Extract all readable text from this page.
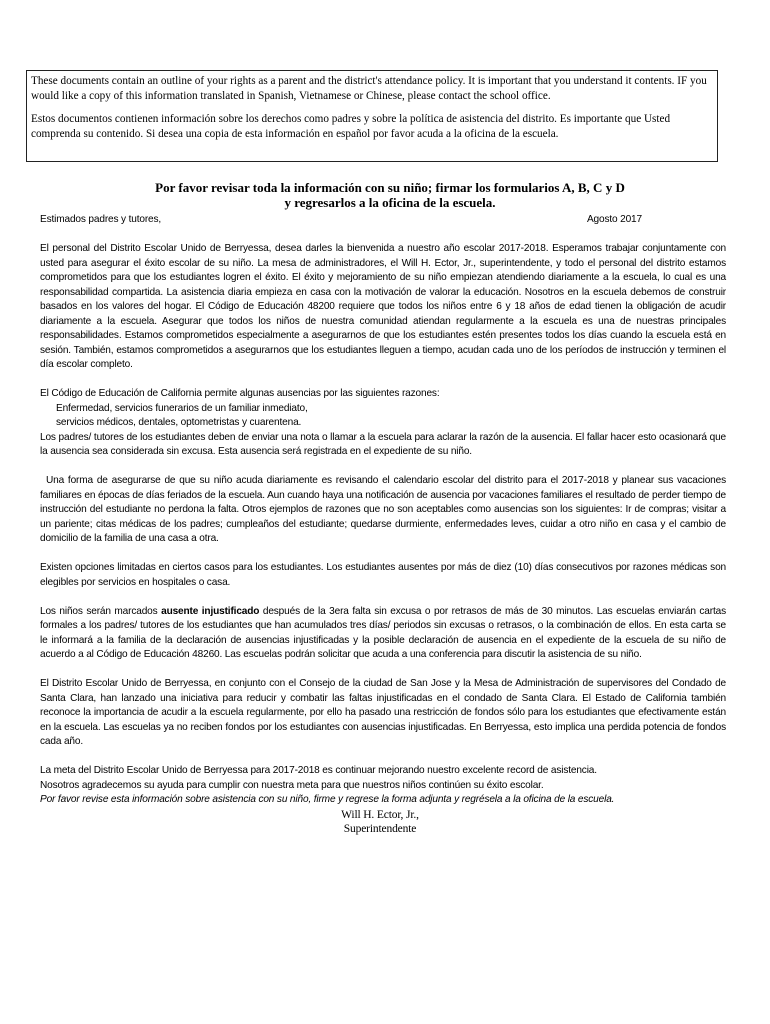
These documents contain an outline of your rights as a parent and the district's attendance policy. It is important that you understand it contents. IF you would like a copy of this information translated in Spanish, Vietnamese or Chinese, please contact the school office.

Estos documentos contienen información sobre los derechos como padres y sobre la política de asistencia del distrito. Es importante que Usted comprenda su contenido. Si desea una copia de esta información en español por favor acuda a la oficina de la escuela.

Por favor revisar toda la información con su niño; firmar los formularios A, B, C y D
y regresarlos a la oficina de la escuela.
Estimados padres y tutores,	Agosto 2017

El personal del Distrito Escolar Unido de Berryessa, desea darles la bienvenida a nuestro año escolar 2017-2018. Esperamos trabajar conjuntamente con usted para asegurar el éxito escolar de su niño. La mesa de administradores, el Will H. Ector, Jr., superintendente, y todo el personal del distrito estamos comprometidos para que los estudiantes logren el éxito. El éxito y mejoramiento de su niño empiezan atendiendo diariamente a la escuela, lo cual es una responsabilidad compartida. La asistencia diaria empieza en casa con la motivación de valorar la educación. Nosotros en la escuela debemos de construir basados en los valores del hogar. El Código de Educación 48200 requiere que todos los niños entre 6 y 18 años de edad tienen la obligación de acudir diariamente a la escuela. Asegurar que todos los niños de nuestra comunidad atiendan regularmente a la escuela es una de nuestras principales responsabilidades. Estamos comprometidos especialmente a asegurarnos de que los estudiantes estén presentes todos los días cuando la escuela está en sesión. También, estamos comprometidos a asegurarnos que los estudiantes lleguen a tiempo, acudan cada uno de los períodos de instrucción y terminen el día escolar completo.

El Código de Educación de California permite algunas ausencias por las siguientes razones:

Enfermedad, servicios funerarios de un familiar inmediato,

servicios médicos, dentales, optometristas y cuarentena.

Los padres/ tutores de los estudiantes deben de enviar una nota o llamar a la escuela para aclarar la razón de la ausencia. El fallar hacer esto ocasionará que la ausencia sea considerada sin excusa. Esta ausencia será registrada en el expediente de su niño.

Una forma de asegurarse de que su niño acuda diariamente es revisando el calendario escolar del distrito para el 2017-2018 y planear sus vacaciones familiares en épocas de días feriados de la escuela. Aun cuando haya una notificación de ausencia por vacaciones familiares el resultado de perder tiempo de instrucción del estudiante no perdona la falta. Otros ejemplos de razones que no son aceptables como ausencias son los siguientes: Ir de compras; visitar a un pariente; citas médicas de los padres; cumpleaños del estudiante; quedarse durmiente, enfermedades leves, cuidar a otro niño en casa y el cambio de domicilio de la familia de una casa a otra.

Existen opciones limitadas en ciertos casos para los estudiantes. Los estudiantes ausentes por más de diez (10) días consecutivos por razones médicas son elegibles por servicios en hospitales o casa.

Los niños serán marcados ausente injustificado después de la 3era falta sin excusa o por retrasos de más de 30 minutos. Las escuelas enviarán cartas formales a los padres/ tutores de los estudiantes que han acumulados tres días/ periodos sin excusas o retrasos, o la combinación de ellos. En esta carta se le informará a la familia de la declaración de ausencias injustificadas y la posible declaración de ausencia en el expediente de la escuela de su niño de acuerdo a al Código de Educación 48260. Las escuelas podrán solicitar que acuda a una conferencia para discutir la asistencia de su niño.

El Distrito Escolar Unido de Berryessa, en conjunto con el Consejo de la ciudad de San Jose y la Mesa de Administración de supervisores del Condado de Santa Clara, han lanzado una iniciativa para reducir y combatir las faltas injustificadas en el condado de Santa Clara. El Estado de California también reconoce la importancia de acudir a la escuela regularmente, por ello ha pasado una restricción de fondos sólo para los estudiantes que efectivamente están en la escuela. Las escuelas ya no reciben fondos por los estudiantes con ausencias injustificadas. En Berryessa, esto implica una perdida potencia de fondos cada año.

La meta del Distrito Escolar Unido de Berryessa para 2017-2018 es continuar mejorando nuestro excelente record de asistencia.

Nosotros agradecemos su ayuda para cumplir con nuestra meta para que nuestros niños continúen su éxito escolar.

Por favor revise esta información sobre asistencia con su niño, firme y regrese la forma adjunta y regrésela a la oficina de la escuela.

Will H. Ector, Jr.,
Superintendente
